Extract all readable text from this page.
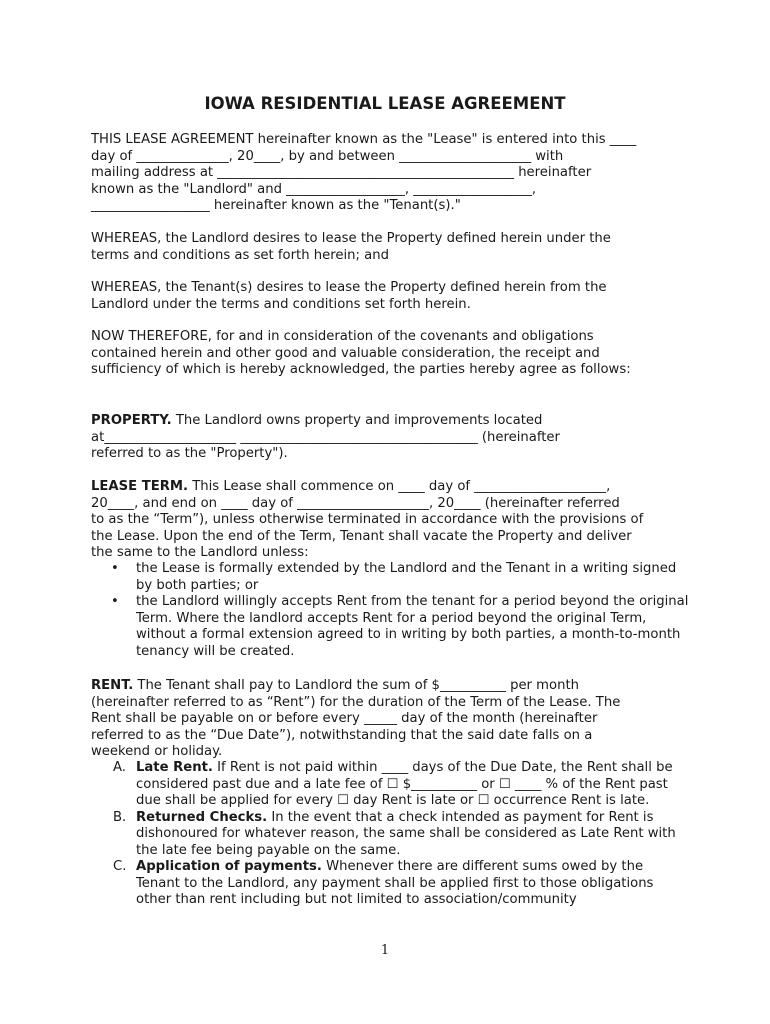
IOWA RESIDENTIAL LEASE AGREEMENT

THIS LEASE AGREEMENT hereinafter known as the "Lease" is entered into this ____
day of ______________, 20____, by and between ____________________ with
mailing address at _____________________________________________ hereinafter
known as the "Landlord" and __________________, __________________,
__________________ hereinafter known as the "Tenant(s)."

WHEREAS, the Landlord desires to lease the Property defined herein under the
terms and conditions as set forth herein; and

WHEREAS, the Tenant(s) desires to lease the Property defined herein from the
Landlord under the terms and conditions set forth herein.

NOW THEREFORE, for and in consideration of the covenants and obligations
contained herein and other good and valuable consideration, the receipt and
sufficiency of which is hereby acknowledged, the parties hereby agree as follows:

PROPERTY. The Landlord owns property and improvements located
at____________________ ____________________________________ (hereinafter
referred to as the "Property").

LEASE TERM. This Lease shall commence on ____ day of ____________________,
20____, and end on ____ day of ____________________, 20____ (hereinafter referred
to as the “Term”), unless otherwise terminated in accordance with the provisions of
the Lease. Upon the end of the Term, Tenant shall vacate the Property and deliver
the same to the Landlord unless:

• the Lease is formally extended by the Landlord and the Tenant in a writing signed by both parties; or
• the Landlord willingly accepts Rent from the tenant for a period beyond the original Term. Where the landlord accepts Rent for a period beyond the original Term, without a formal extension agreed to in writing by both parties, a month-to-month tenancy will be created.

RENT. The Tenant shall pay to Landlord the sum of $__________ per month
(hereinafter referred to as “Rent”) for the duration of the Term of the Lease. The
Rent shall be payable on or before every _____ day of the month (hereinafter
referred to as the “Due Date”), notwithstanding that the said date falls on a
weekend or holiday.

A. Late Rent. If Rent is not paid within ____ days of the Due Date, the Rent shall be considered past due and a late fee of ☐ $__________ or ☐ ____ % of the Rent past due shall be applied for every ☐ day Rent is late or ☐ occurrence Rent is late.
B. Returned Checks. In the event that a check intended as payment for Rent is dishonoured for whatever reason, the same shall be considered as Late Rent with the late fee being payable on the same.
C. Application of payments. Whenever there are different sums owed by the Tenant to the Landlord, any payment shall be applied first to those obligations other than rent including but not limited to association/community
1
